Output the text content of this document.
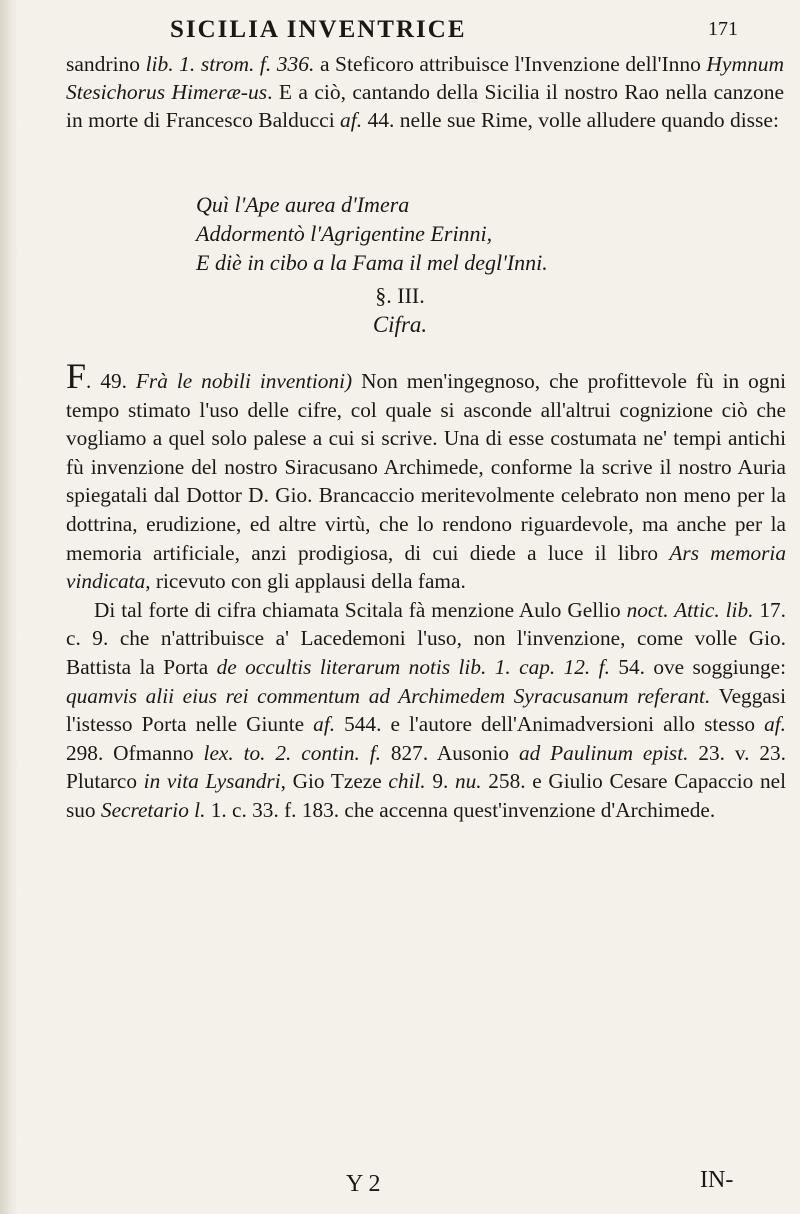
SICILIA INVENTRICE	171
sandrino lib. 1. strom. f. 336. a Steficoro attribuisce l'Invenzione dell'Inno Hymnum Stesichorus Himeræ-us. E a ciò, cantando della Sicilia il nostro Rao nella canzone in morte di Francesco Balducci af. 44. nelle sue Rime, volle alludere quando disse:
Quì l'Ape aurea d'Imera
Addormentò l'Agrigentine Erinni,
E diè in cibo a la Fama il mel degl'Inni.
§. III.
Cifra.

F. 49. Frà le nobili inventioni) Non men'ingegnoso, che profittevole fù in ogni tempo stimato l'uso delle cifre, col quale si asconde all'altrui cognizione ciò che vogliamo a quel solo palese a cui si scrive. Una di esse costumata ne' tempi antichi fù invenzione del nostro Siracusano Archimede, conforme la scrive il nostro Auria spiegatali dal Dottor D. Gio. Brancaccio meritevolmente celebrato non meno per la dottrina, erudizione, ed altre virtù, che lo rendono riguardevole, ma anche per la memoria artificiale, anzi prodigiosa, di cui diede a luce il libro Ars memoria vindicata, ricevuto con gli applausi della fama.

Di tal forte di cifra chiamata Scitala fà menzione Aulo Gellio noct. Attic. lib. 17. c. 9. che n'attribuisce a' Lacedemoni l'uso, non l'invenzione, come volle Gio. Battista la Porta de occultis literarum notis lib. 1. cap. 12. f. 54. ove soggiunge: quamvis alii eius rei commentum ad Archimedem Syracusanum referant. Veggasi l'istesso Porta nelle Giunte af. 544. e l'autore dell'Animadversioni allo stesso af. 298. Ofmanno lex. to. 2. contin. f. 827. Ausonio ad Paulinum epist. 23. v. 23. Plutarco in vita Lysandri, Gio Tzeze chil. 9. nu. 258. e Giulio Cesare Capaccio nel suo Secretario l. 1. c. 33. f. 183. che accenna quest'invenzione d'Archimede.

Y 2	IN-
